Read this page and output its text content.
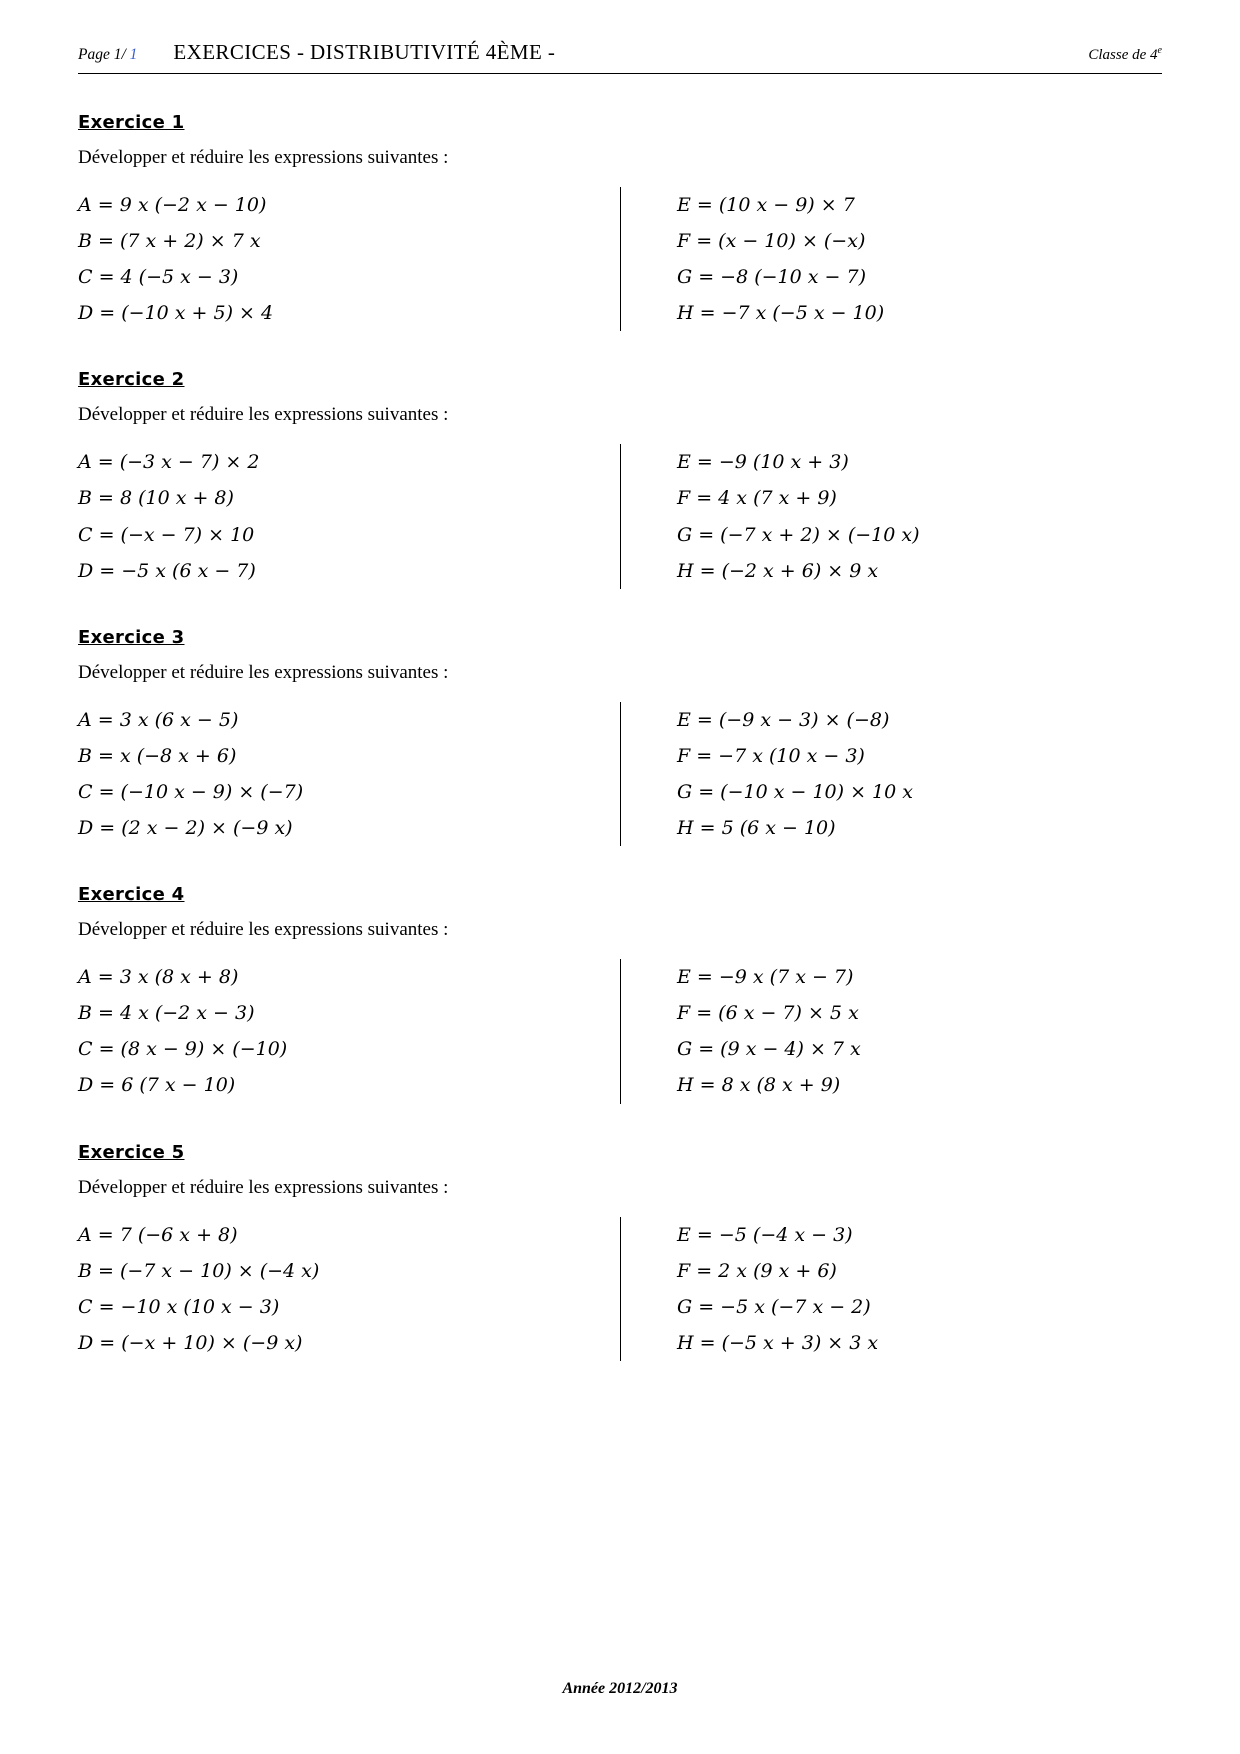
Page 1/ 1	EXERCICES - DISTRIBUTIVITÉ 4ÈME -	Classe de 4e
Exercice 1
Développer et réduire les expressions suivantes :
A = 9 x (−2 x − 10)
B = (7 x + 2) × 7 x
C = 4 (−5 x − 3)
D = (−10 x + 5) × 4
E = (10 x − 9) × 7
F = (x − 10) × (−x)
G = −8 (−10 x − 7)
H = −7 x (−5 x − 10)
Exercice 2
Développer et réduire les expressions suivantes :
A = (−3 x − 7) × 2
B = 8 (10 x + 8)
C = (−x − 7) × 10
D = −5 x (6 x − 7)
E = −9 (10 x + 3)
F = 4 x (7 x + 9)
G = (−7 x + 2) × (−10 x)
H = (−2 x + 6) × 9 x
Exercice 3
Développer et réduire les expressions suivantes :
A = 3 x (6 x − 5)
B = x (−8 x + 6)
C = (−10 x − 9) × (−7)
D = (2 x − 2) × (−9 x)
E = (−9 x − 3) × (−8)
F = −7 x (10 x − 3)
G = (−10 x − 10) × 10 x
H = 5 (6 x − 10)
Exercice 4
Développer et réduire les expressions suivantes :
A = 3 x (8 x + 8)
B = 4 x (−2 x − 3)
C = (8 x − 9) × (−10)
D = 6 (7 x − 10)
E = −9 x (7 x − 7)
F = (6 x − 7) × 5 x
G = (9 x − 4) × 7 x
H = 8 x (8 x + 9)
Exercice 5
Développer et réduire les expressions suivantes :
A = 7 (−6 x + 8)
B = (−7 x − 10) × (−4 x)
C = −10 x (10 x − 3)
D = (−x + 10) × (−9 x)
E = −5 (−4 x − 3)
F = 2 x (9 x + 6)
G = −5 x (−7 x − 2)
H = (−5 x + 3) × 3 x
Année 2012/2013
